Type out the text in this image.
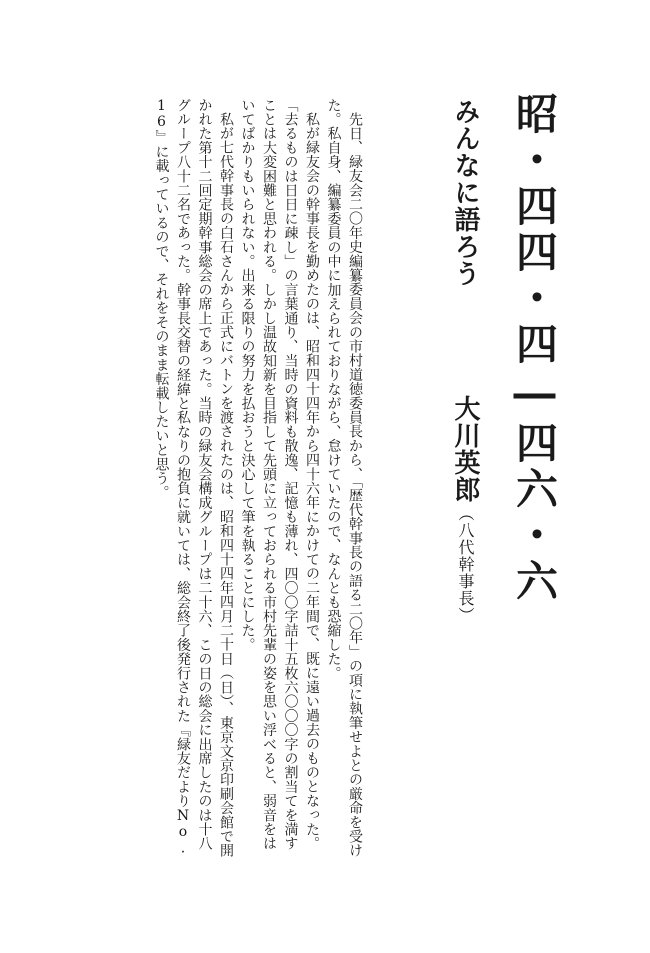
昭・四四・四―四六・六
みんなに語ろう
大川英郎
（八代幹事長）

先日、緑友会二〇年史編纂委員会の市村道徳委員長から、「歴代幹事長の語る二〇年」の項に執筆せよとの厳命を受けた。私自身、編纂委員の中に加えられておりながら、怠けていたので、なんとも恐縮した。

私が緑友会の幹事長を勤めたのは、昭和四十四年から四十六年にかけての二年間で、既に遠い過去のものとなった。「去るものは日日に疎し」の言葉通り、当時の資料も散逸、記憶も薄れ、四〇〇字詰十五枚六〇〇〇字の割当てを満すことは大変困難と思われる。しかし温故知新を目指して先頭に立っておられる市村先輩の姿を思い浮べると、弱音をはいてばかりもいられない。出来る限りの努力を払おうと決心して筆を執ることにした。

私が七代幹事長の白石さんから正式にバトンを渡されたのは、昭和四十四年四月二十日（日）、東京文京印刷会館で開かれた第十二回定期幹事総会の席上であった。当時の緑友会構成グループは二十六、この日の総会に出席したのは十八グループ八十二名であった。幹事長交替の経緯と私なりの抱負に就いては、総会終了後発行された『緑友だよりNo.16』に載っているので、それをそのまま転載したいと思う。
